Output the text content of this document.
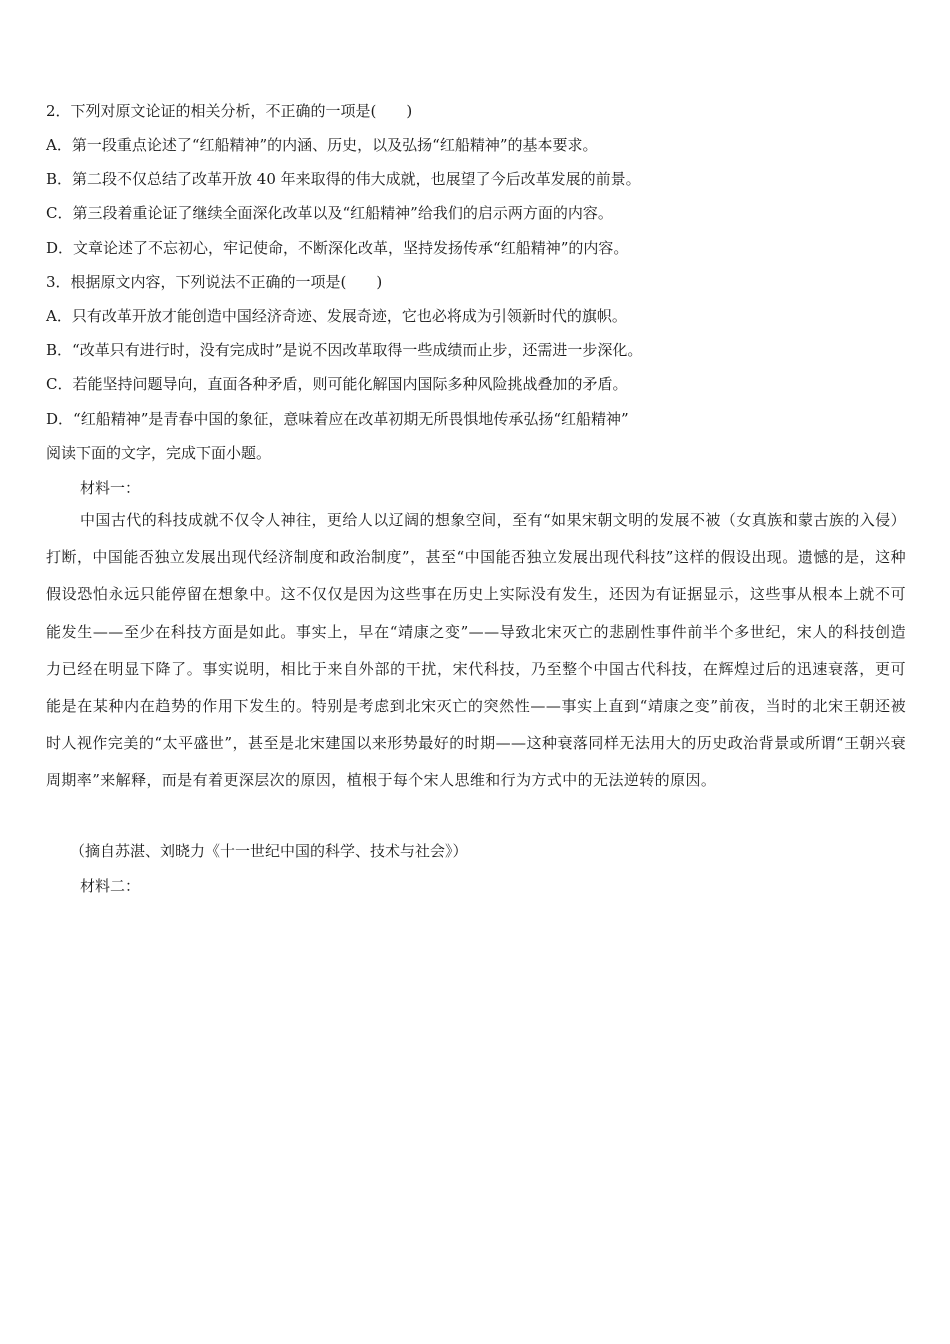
2．下列对原文论证的相关分析，不正确的一项是(　　)
A．第一段重点论述了“红船精神”的内涵、历史，以及弘扬“红船精神”的基本要求。
B．第二段不仅总结了改革开放 40 年来取得的伟大成就，也展望了今后改革发展的前景。
C．第三段着重论证了继续全面深化改革以及“红船精神”给我们的启示两方面的内容。
D．文章论述了不忘初心，牢记使命，不断深化改革，坚持发扬传承“红船精神”的内容。
3．根据原文内容，下列说法不正确的一项是(　　)
A．只有改革开放才能创造中国经济奇迹、发展奇迹，它也必将成为引领新时代的旗帜。
B．“改革只有进行时，没有完成时”是说不因改革取得一些成绩而止步，还需进一步深化。
C．若能坚持问题导向，直面各种矛盾，则可能化解国内国际多种风险挑战叠加的矛盾。
D．“红船精神”是青春中国的象征，意味着应在改革初期无所畏惧地传承弘扬“红船精神”
阅读下面的文字，完成下面小题。
材料一：
中国古代的科技成就不仅令人神往，更给人以辽阔的想象空间，至有“如果宋朝文明的发展不被（女真族和蒙古族的入侵）打断，中国能否独立发展出现代经济制度和政治制度”，甚至“中国能否独立发展出现代科技”这样的假设出现。遗憾的是，这种假设恐怕永远只能停留在想象中。这不仅仅是因为这些事在历史上实际没有发生，还因为有证据显示，这些事从根本上就不可能发生——至少在科技方面是如此。事实上，早在“靖康之变”——导致北宋灭亡的悲剧性事件前半个多世纪，宋人的科技创造力已经在明显下降了。事实说明，相比于来自外部的干扰，宋代科技，乃至整个中国古代科技，在辉煌过后的迅速衰落，更可能是在某种内在趋势的作用下发生的。特别是考虑到北宋灭亡的突然性——事实上直到“靖康之变”前夜，当时的北宋王朝还被时人视作完美的“太平盛世”，甚至是北宋建国以来形势最好的时期——这种衰落同样无法用大的历史政治背景或所谓“王朝兴衰周期率”来解释，而是有着更深层次的原因，植根于每个宋人思维和行为方式中的无法逆转的原因。
（摘自苏湛、刘晓力《十一世纪中国的科学、技术与社会》）
材料二：
